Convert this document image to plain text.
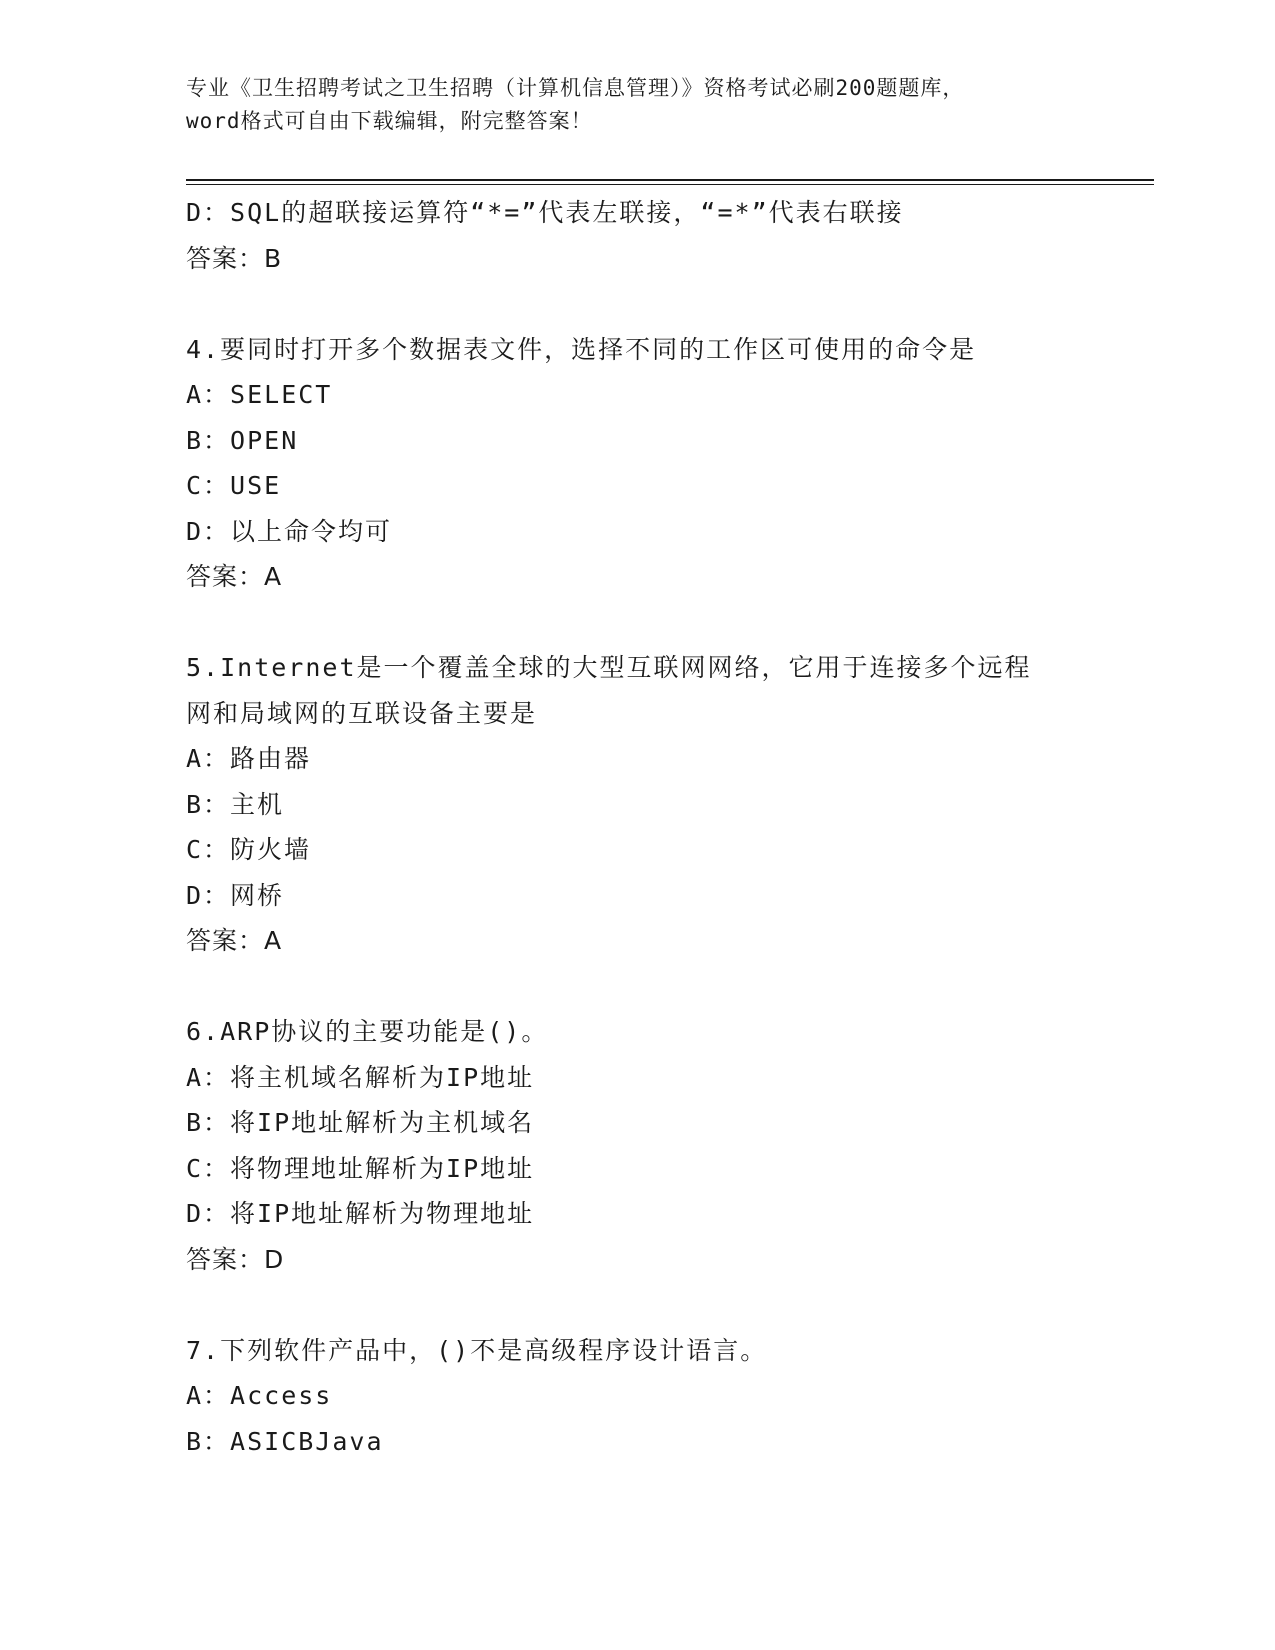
专业《卫生招聘考试之卫生招聘（计算机信息管理）》资格考试必刷200题题库，
word格式可自由下载编辑，附完整答案！
D：SQL的超联接运算符“*=”代表左联接，“=*”代表右联接
答案：B
4.要同时打开多个数据表文件，选择不同的工作区可使用的命令是
A：SELECT
B：OPEN
C：USE
D：以上命令均可
答案：A
5.Internet是一个覆盖全球的大型互联网网络，它用于连接多个远程
网和局域网的互联设备主要是
A：路由器
B：主机
C：防火墙
D：网桥
答案：A
6.ARP协议的主要功能是()。
A：将主机域名解析为IP地址
B：将IP地址解析为主机域名
C：将物理地址解析为IP地址
D：将IP地址解析为物理地址
答案：D
7.下列软件产品中，()不是高级程序设计语言。
A：Access
B：ASICBJava
